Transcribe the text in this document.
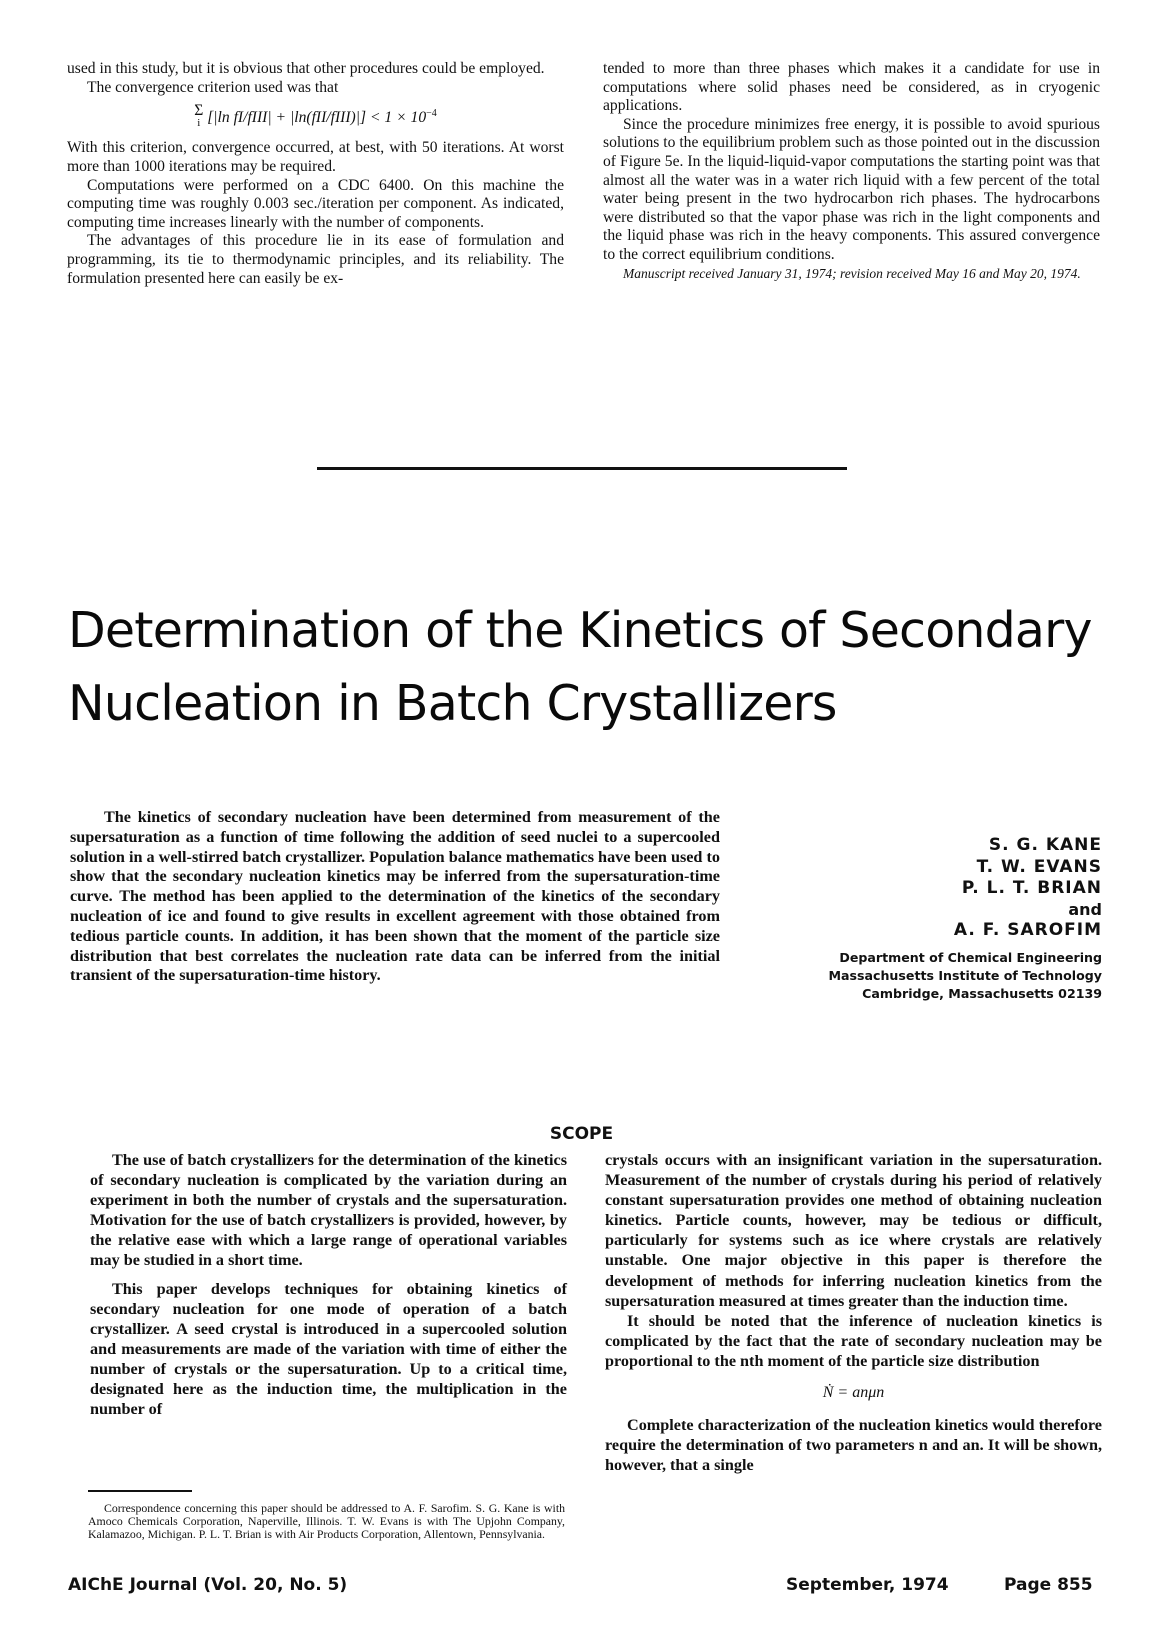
used in this study, but it is obvious that other procedures could be employed.

The convergence criterion used was that

Σ
i [|ln fI/fIII| + |ln(fII/fIII)|] < $1 \times 10^{-4}$

With this criterion, convergence occurred, at best, with 50 iterations. At worst more than 1000 iterations may be required.

Computations were performed on a CDC 6400. On this machine the computing time was roughly 0.003 sec./iteration per component. As indicated, computing time increases linearly with the number of components.

The advantages of this procedure lie in its ease of formulation and programming, its tie to thermodynamic principles, and its reliability. The formulation presented here can easily be ex-

tended to more than three phases which makes it a candidate for use in computations where solid phases need be considered, as in cryogenic applications.

Since the procedure minimizes free energy, it is possible to avoid spurious solutions to the equilibrium problem such as those pointed out in the discussion of Figure 5e. In the liquid-liquid-vapor computations the starting point was that almost all the water was in a water rich liquid with a few percent of the total water being present in the two hydrocarbon rich phases. The hydrocarbons were distributed so that the vapor phase was rich in the light components and the liquid phase was rich in the heavy components. This assured convergence to the correct equilibrium conditions.

Manuscript received January 31, 1974; revision received May 16 and May 20, 1974.

Determination of the Kinetics of Secondary
Nucleation in Batch Crystallizers

The kinetics of secondary nucleation have been determined from measurement of the supersaturation as a function of time following the addition of seed nuclei to a supercooled solution in a well-stirred batch crystallizer. Population balance mathematics have been used to show that the secondary nucleation kinetics may be inferred from the supersaturation-time curve. The method has been applied to the determination of the kinetics of the secondary nucleation of ice and found to give results in excellent agreement with those obtained from tedious particle counts. In addition, it has been shown that the moment of the particle size distribution that best correlates the nucleation rate data can be inferred from the initial transient of the supersaturation-time history.

S. G. KANE
T. W. EVANS
P. L. T. BRIAN
and
A. F. SAROFIM
Department of Chemical Engineering
Massachusetts Institute of Technology
Cambridge, Massachusetts 02139
SCOPE

The use of batch crystallizers for the determination of the kinetics of secondary nucleation is complicated by the variation during an experiment in both the number of crystals and the supersaturation. Motivation for the use of batch crystallizers is provided, however, by the relative ease with which a large range of operational variables may be studied in a short time.

This paper develops techniques for obtaining kinetics of secondary nucleation for one mode of operation of a batch crystallizer. A seed crystal is introduced in a supercooled solution and measurements are made of the variation with time of either the number of crystals or the supersaturation. Up to a critical time, designated here as the induction time, the multiplication in the number of

crystals occurs with an insignificant variation in the supersaturation. Measurement of the number of crystals during his period of relatively constant supersaturation provides one method of obtaining nucleation kinetics. Particle counts, however, may be tedious or difficult, particularly for systems such as ice where crystals are relatively unstable. One major objective in this paper is therefore the development of methods for inferring nucleation kinetics from the supersaturation measured at times greater than the induction time.

It should be noted that the inference of nucleation kinetics is complicated by the fact that the rate of secondary nucleation may be proportional to the nth moment of the particle size distribution

Ṅ = anμn

Complete characterization of the nucleation kinetics would therefore require the determination of two parameters n and an. It will be shown, however, that a single

Correspondence concerning this paper should be addressed to A. F. Sarofim. S. G. Kane is with Amoco Chemicals Corporation, Naperville, Illinois. T. W. Evans is with The Upjohn Company, Kalamazoo, Michigan. P. L. T. Brian is with Air Products Corporation, Allentown, Pennsylvania.
AIChE Journal (Vol. 20, No. 5)	September, 1974	Page 855
